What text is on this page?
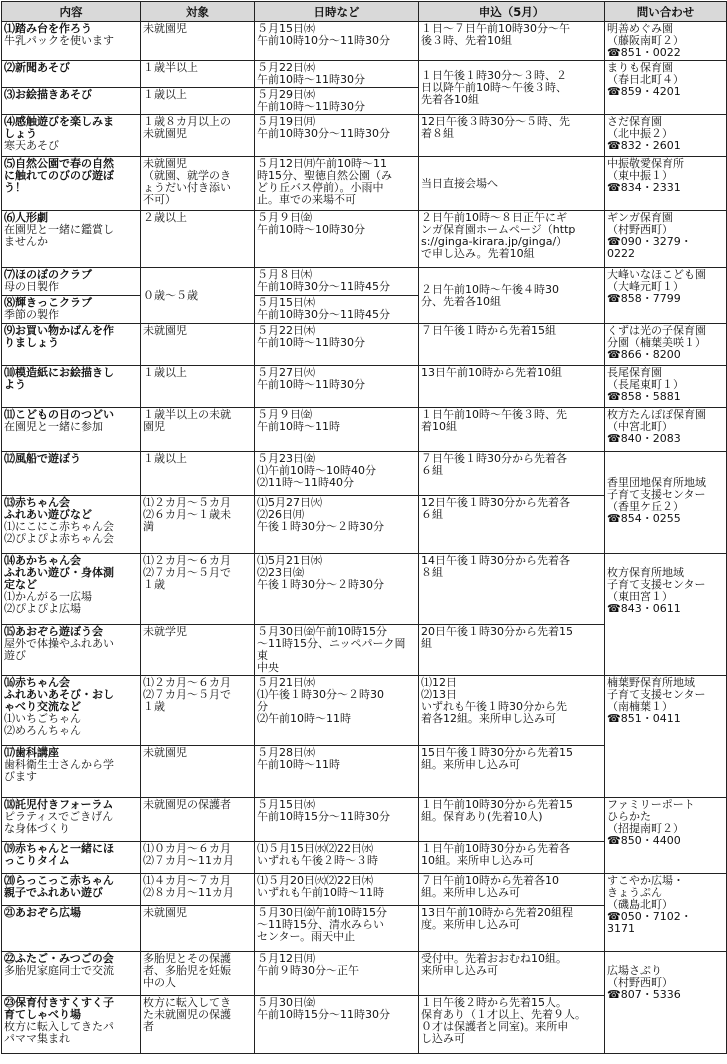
内容	対象	日時など	申込（5月）	問い合わせ

⑴踏み台を作ろう
牛乳パックを使います	未就園児	５月15日㈬
午前10時10分～11時30分	１日～７日午前10時30分～午
後３時、先着10組	明善めぐみ園
（藤阪南町２）
☎851・0022

⑵新聞あそび	１歳半以上	５月22日㈬
午前10時～11時30分	１日午後１時30分～３時、２
日以降午前10時～午後３時、
先着各10組	まりも保育園
（春日北町４）
☎859・4201

⑶お絵描きあそび	１歳以上	５月29日㈬
午前10時～11時30分		

⑷感触遊びを楽しみま
しょう
寒天あそび	１歳８カ月以上の
未就園児	５月19日㈪
午前10時30分～11時30分	12日午後３時30分～５時、先
着８組	さだ保育園
（北中振２）
☎832・2601

⑸自然公園で春の自然
に触れてのびのび遊ぼ
う！	未就園児
（就園、就学のき
ょうだい付き添い
不可）	５月12日㈪午前10時～11
時15分、聖徳自然公園（み
どり丘バス停前）。小雨中
止。車での来場不可	当日直接会場へ	中振敬愛保育所
（東中振１）
☎834・2331

⑹人形劇
在園児と一緒に鑑賞し
ませんか	２歳以上	５月９日㈮
午前10時～10時30分	２日午前10時～８日正午にギ
ンガ保育園ホームページ（http
s://ginga-kirara.jp/ginga/）
で申し込み。先着10組	ギンガ保育園
（村野西町）
☎090・3279・
0222

⑺ほのぼのクラブ
母の日製作	０歳～５歳	５月８日㈭
午前10時30分～11時45分	２日午前10時～午後４時30
分、先着各10組	大峰いなほこども園
（大峰元町１）
☎858・7799

⑻輝きっこクラブ
季節の製作		５月15日㈭
午前10時30分～11時45分		

⑼お買い物かばんを作
りましょう	未就園児	５月22日㈭
午前10時～11時30分	７日午後１時から先着15組	くずは光の子保育園
分園（楠葉美咲１）
☎866・8200

⑽模造紙にお絵描きし
よう	１歳以上	５月27日㈫
午前10時～11時30分	13日午前10時から先着10組	長尾保育園
（長尾東町１）
☎858・5881

⑾こどもの日のつどい
在園児と一緒に参加	１歳半以上の未就
園児	５月９日㈮
午前10時～11時	１日午前10時～午後３時、先
着10組	枚方たんぽぽ保育園
（中宮北町）
☎840・2083

⑿風船で遊ぼう	１歳以上	５月23日㈮
⑴午前10時～10時40分
⑵11時～11時40分	７日午後１時30分から先着各
６組	香里団地保育所地域
子育て支援センター
（香里ケ丘２）
☎854・0255

⒀赤ちゃん会
ふれあい遊びなど
⑴にこにこ赤ちゃん会
⑵ぴよぴよ赤ちゃん会	⑴２カ月～５カ月
⑵６カ月～１歳未
満	⑴5月27日㈫
⑵26日㈪
午後１時30分～２時30分	12日午後１時30分から先着各
６組	

⒁あかちゃん会
ふれあい遊び・身体測
定など
⑴かんがる一広場
⑵ぴよぴよ広場	⑴２カ月～６カ月
⑵７カ月～５月で
１歳	⑴5月21日㈬
⑵23日㈮
午後１時30分～２時30分	14日午後１時30分から先着各
８組	枚方保育所地域
子育て支援センター
（東田宮１）
☎843・0611

⒂あおぞら遊ぼう会
屋外で体操やふれあい
遊び	未就学児	５月30日㈮午前10時15分
～11時15分、ニッペパーク岡東
中央	20日午後１時30分から先着15
組	

⒃赤ちゃん会
ふれあいあそび・おし
ゃべり交流など
⑴いちごちゃん
⑵めろんちゃん	⑴２カ月～６カ月
⑵７カ月～５月で
１歳	５月21日㈬
⑴午後１時30分～２時30
分
⑵午前10時～11時	⑴12日
⑵13日
いずれも午後１時30分から先
着各12組。来所申し込み可	楠葉野保育所地域
子育て支援センター
（南楠葉１）
☎851・0411

⒄歯科講座
歯科衛生士さんから学
びます	未就園児	５月28日㈬
午前10時～11時	15日午後１時30分から先着15
組。来所申し込み可	

⒅託児付きフォーラム
ピラティスでごきげん
な身体づくり	未就園児の保護者	５月15日㈬
午前10時15分～11時30分	１日午前10時30分から先着15
組。保育あり(先着10人)	ファミリーポート
ひらかた
（招提南町２）
☎850・4400

⒆赤ちゃんと一緒にほ
っこりタイム	⑴０カ月～６カ月
⑵７カ月～11カ月	⑴５月15日㈬⑵22日㈬
いずれも午後２時～３時	１日午前10時30分から先着各
10組。来所申し込み可	

⒇らっこっこ赤ちゃん
親子でふれあい遊び	⑴４カ月～７カ月
⑵８カ月～11カ月	⑴５月20日㈫⑵22日㈭
いずれも午前10時～11時	７日午前10時から先着各10
組。来所申し込み可	すこやか広場・
きょうぷん
（磯島北町）
☎050・7102・
3171

㉑あおぞら広場	未就園児	５月30日㈮午前10時15分
～11時15分、清水みらい
センター。雨天中止	13日午前10時から先着20組程
度。来所申し込み可	

㉒ふたご・みつごの会
多胎児家庭同士で交流	多胎児とその保護
者、多胎児を妊娠
中の人	５月12日㈪
午前９時30分～正午	受付中。先着おおむね10組。
来所申し込み可	広場さぷり
（村野西町）
☎807・5336

㉓保育付きすくすく子
育てしゃべり場
枚方に転入してきたパ
パママ集まれ	枚方に転入してき
た未就園児の保護
者	５月30日㈮
午前10時15分～11時30分	１日午後２時から先着15人。
保育あり（１才以上、先着９人。
０才は保護者と同室)。来所申
し込み可	
